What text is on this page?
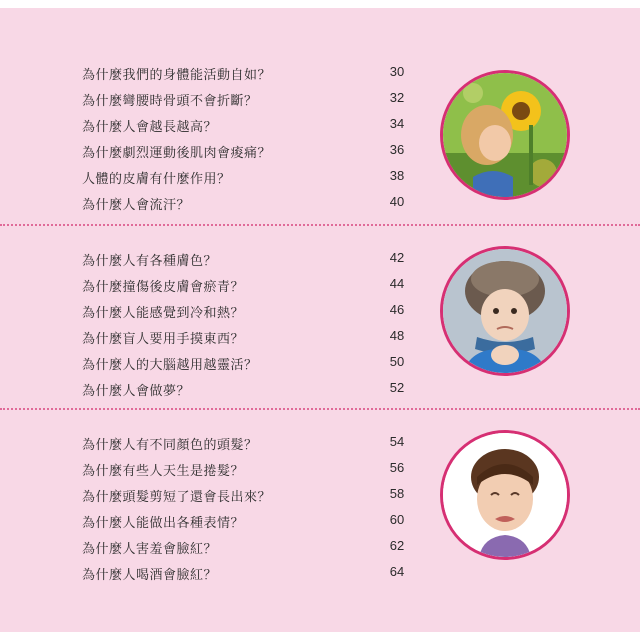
為什麼我們的身體能活動自如？	30
為什麼彎腰時骨頭不會折斷？	32
為什麼人會越長越高？	34
為什麼劇烈運動後肌肉會痠痛？	36
人體的皮膚有什麼作用？	38
為什麼人會流汗？	40
為什麼人有各種膚色？	42
為什麼撞傷後皮膚會瘀青？	44
為什麼人能感覺到冷和熱？	46
為什麼盲人要用手摸東西？	48
為什麼人的大腦越用越靈活？	50
為什麼人會做夢？	52
為什麼人有不同顏色的頭髮？	54
為什麼有些人天生是捲髮？	56
為什麼頭髮剪短了還會長出來？	58
為什麼人能做出各種表情？	60
為什麼人害羞會臉紅？	62
為什麼人喝酒會臉紅？	64
